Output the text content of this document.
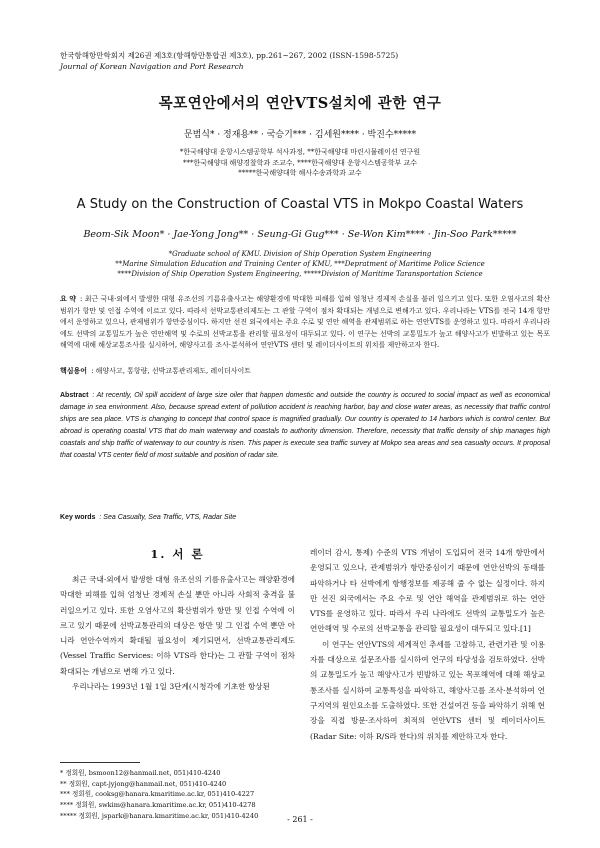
한국항해항만학회지 제26권 제3호(항해항만통합권 제3호), pp.261~267, 2002 (ISSN-1598-5725)
Journal of Korean Navigation and Port Research
목포연안에서의 연안VTS설치에 관한 연구
문범식* · 정재용** · 국승기*** · 김세원**** · 박진수*****
*한국해양대 운항시스템공학부 석사과정, **한국해양대 마린시뮬레이션 연구원
***한국해양대 해양경찰학과 조교수, ****한국해양대 운항시스템공학부 교수
*****한국해양대학 해사수송과학과 교수
A Study on the Construction of Coastal VTS in Mokpo Coastal Waters
Beom-Sik Moon* · Jae-Yong Jong** · Seung-Gi Gug*** · Se-Won Kim**** · Jin-Soo Park*****
*Graduate school of KMU. Division of Ship Operation System Engineering
**Marine Simulation Education and Training Center of KMU, ***Depratment of Maritime Police Science
****Division of Ship Operation System Engineering, *****Division of Maritime Taransportation Science
요 약 : 최근 국내·외에서 발생한 대형 유조선의 기름유출사고는 해양환경에 막대한 피해를 입혀 엄청난 경제적 손실을 불러 일으키고 있다. 또한 오염사고의 확산 범위가 항만 및 인접 수역에 이르고 있다. 따라서 선박교통관리제도는 그 관할 구역이 점차 확대되는 개념으로 변해가고 있다. 우리나라는 VTS를 전국 14개 항만에서 운영하고 있으나, 관제범위가 항만중심이다. 하지만 선진 외국에서는 주요 수로 및 연안 해역을 관제범위로 하는 연안VTS를 운영하고 있다. 따라서 우리나라에도 선박의 교통밀도가 높은 연안해역 및 수로의 선박교통을 관리할 필요성이 대두되고 있다. 이 연구는 선박의 교통밀도가 높고 해양사고가 빈발하고 있는 목포해역에 대해 해상교통조사를 실시하여, 해양사고를 조사·분석하여 연안VTS 센터 및 레이더사이트의 위치를 제안하고자 한다.
핵심용어 : 해양사고, 통항량, 선박교통관리제도, 레이더사이트
Abstract : At recently, Oil spill accident of large size oiler that happen domestic and outside the country is occured to social impact as well as economical damage in sea environment. Also, because spread extent of pollution accident is reaching harbor, bay and close water areas, as necessity that traffic control ships are sea place. VTS is changing to concept that control space is magnified gradually. Our country is operated to 14 harbors which is control center. But abroad is operating coastal VTS that do main waterway and coastals to authority dimension. Therefore, necessity that traffic density of ship manages high coastals and ship traffic of waterway to our country is risen. This paper is execute sea traffic survey at Mokpo sea areas and sea casualty occurs. It proposal that coastal VTS center field of most suitable and position of radar site.
Key words : Sea Casualty, Sea Traffic, VTS, Radar Site
1. 서 론

최근 국내·외에서 발생한 대형 유조선의 기름유출사고는 해양환경에 막대한 피해를 입혀 엄청난 경제적 손실 뿐만 아니라 사회적 충격을 불러일으키고 있다. 또한 오염사고의 확산범위가 항만 및 인접 수역에 이르고 있기 때문에 선박교통관리의 대상은 항만 및 그 인접 수역 뿐만 아니라 연안수역까지 확대될 필요성이 제기되면서, 선박교통관리제도(Vessel Traffic Services: 이하 VTS라 한다)는 그 관할 구역이 점차 확대되는 개념으로 변해 가고 있다.

우리나라는 1993년 1월 1일 3단계(시청각에 기초한 항상된

레이더 감시, 통제) 수준의 VTS 개념이 도입되어 전국 14개 항만에서 운영되고 있으나, 관제범위가 항만중심이기 때문에 연안선박의 동태를 파악하거나 타 선박에게 항행정보를 제공해 줄 수 없는 실정이다. 하지만 선진 외국에서는 주요 수로 및 연안 해역을 관제범위로 하는 연안VTS를 운영하고 있다. 따라서 우리 나라에도 선박의 교통밀도가 높은 연안해역 및 수로의 선박교통을 관리할 필요성이 대두되고 있다.[1]

이 연구는 연안VTS의 세계적인 추세를 고찰하고, 관련기관 및 이용자를 대상으로 설문조사를 실시하여 연구의 타당성을 검토하였다. 선박의 교통밀도가 높고 해양사고가 빈발하고 있는 목포해역에 대해 해상교통조사를 실시하여 교통특성을 파악하고, 해양사고를 조사·분석하여 연구지역의 원인요소를 도출하였다. 또한 건설여건 등을 파악하기 위해 현장을 직접 방문·조사하여 최적의 연안VTS 센터 및 레이더사이트(Radar Site: 이하 R/S라 한다)의 위치를 제안하고자 한다.

* 정회원, bsmoon12@hanmail.net, 051)410-4240
** 정회원, capt-jyjong@hanmail.net, 051)410-4240
*** 정회원, cooksg@hanara.kmaritime.ac.kr, 051)410-4227
**** 정회원, swkim@hanara.kmaritime.ac.kr, 051)410-4278
***** 정회원, jspark@hanara.kmaritime.ac.kr, 051)410-4240	- 261 -
